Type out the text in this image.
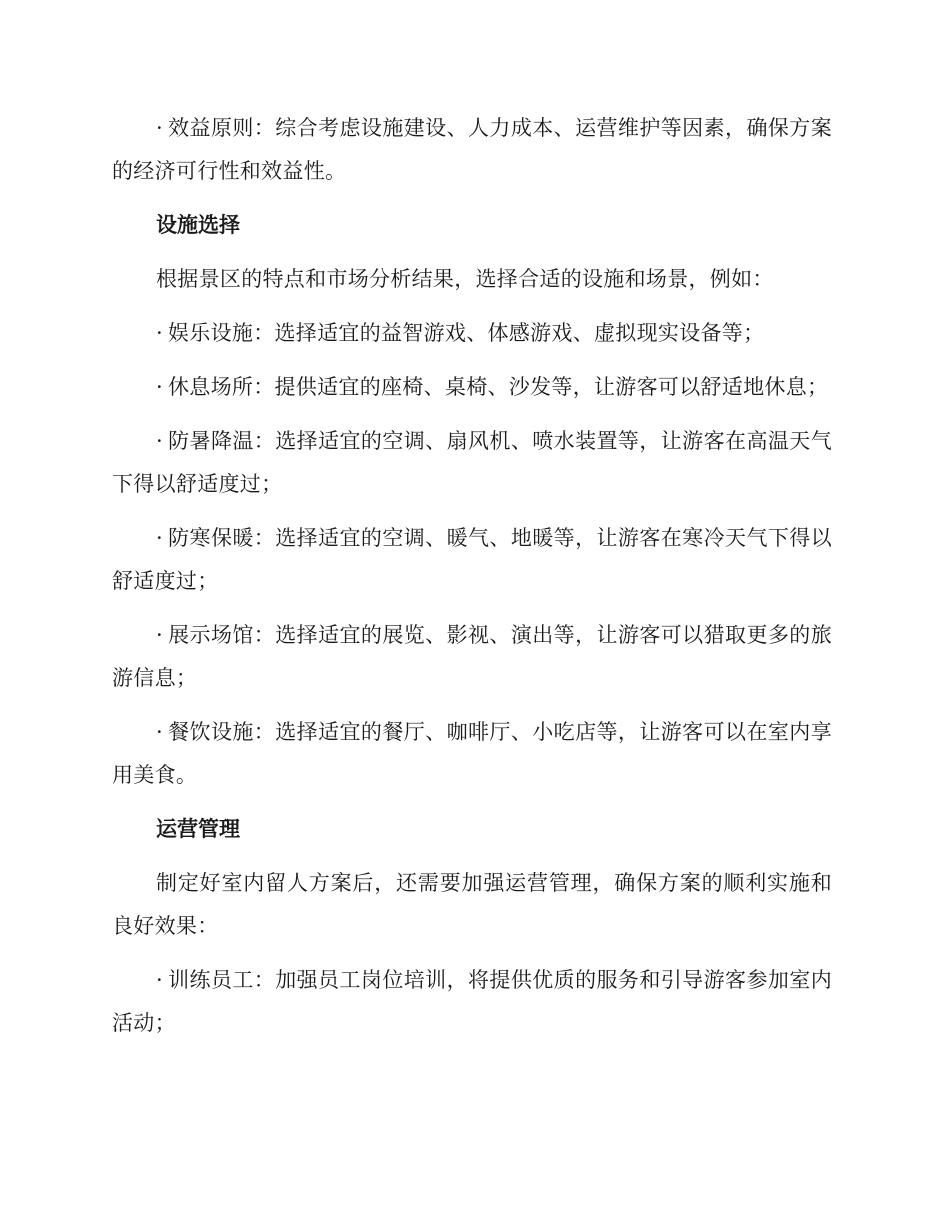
· 效益原则：综合考虑设施建设、人力成本、运营维护等因素，确保方案的经济可行性和效益性。

设施选择

根据景区的特点和市场分析结果，选择合适的设施和场景，例如：

· 娱乐设施：选择适宜的益智游戏、体感游戏、虚拟现实设备等；

· 休息场所：提供适宜的座椅、桌椅、沙发等，让游客可以舒适地休息；

· 防暑降温：选择适宜的空调、扇风机、喷水装置等，让游客在高温天气下得以舒适度过；

· 防寒保暖：选择适宜的空调、暖气、地暖等，让游客在寒冷天气下得以舒适度过；

· 展示场馆：选择适宜的展览、影视、演出等，让游客可以猎取更多的旅游信息；

· 餐饮设施：选择适宜的餐厅、咖啡厅、小吃店等，让游客可以在室内享用美食。

运营管理

制定好室内留人方案后，还需要加强运营管理，确保方案的顺利实施和良好效果：

· 训练员工：加强员工岗位培训，将提供优质的服务和引导游客参加室内活动；
